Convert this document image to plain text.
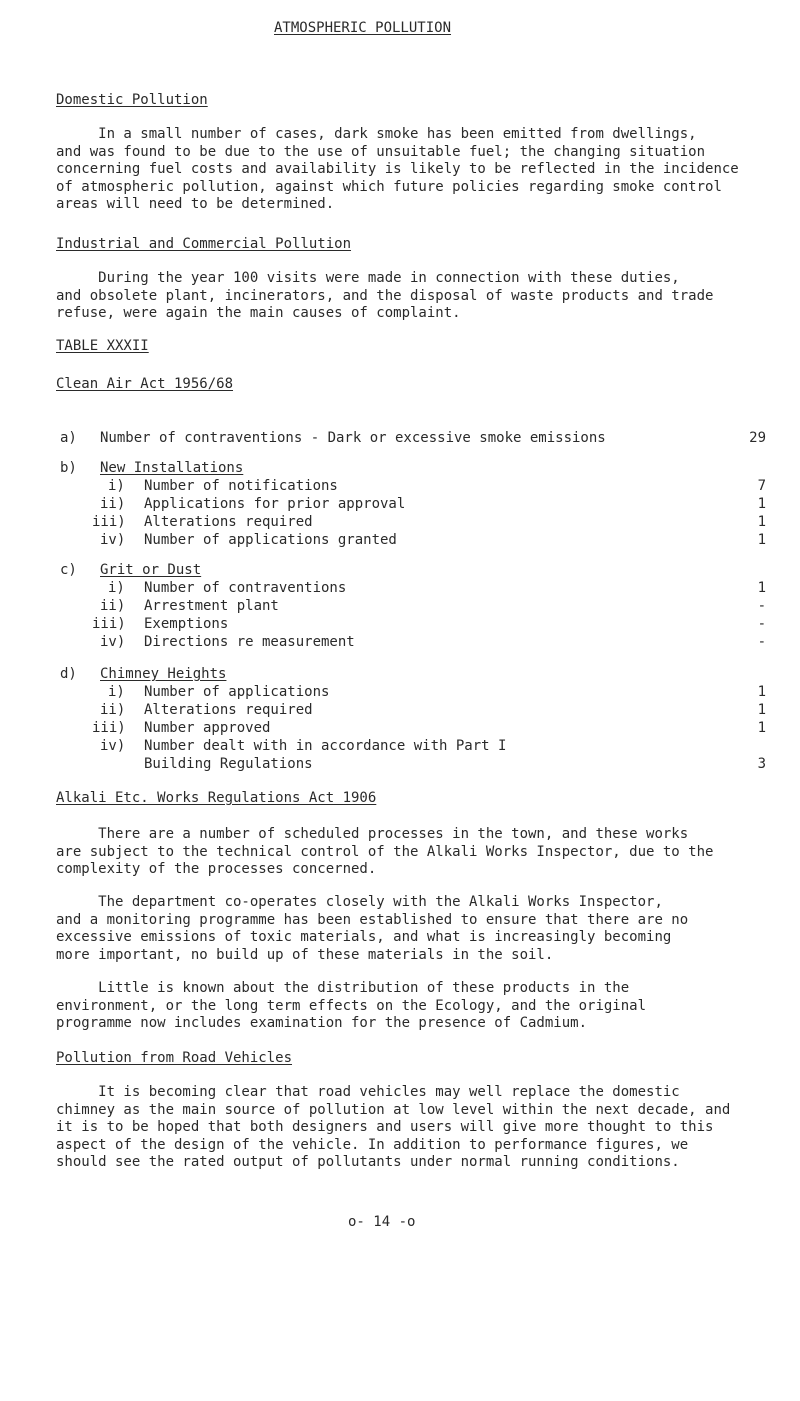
ATMOSPHERIC POLLUTION
Domestic Pollution

In a small number of cases, dark smoke has been emitted from dwellings,

and was found to be due to the use of unsuitable fuel; the changing situation

concerning fuel costs and availability is likely to be reflected in the incidence

of atmospheric pollution, against which future policies regarding smoke control

areas will need to be determined.

Industrial and Commercial Pollution

During the year 100 visits were made in connection with these duties,

and obsolete plant, incinerators, and the disposal of waste products and trade

refuse, were again the main causes of complaint.

TABLE XXXII
Clean Air Act 1956/68
a) Number of contraventions - Dark or excessive smoke emissions	29
b) New Installations
i) Number of notifications	7
ii) Applications for prior approval	1
iii) Alterations required	1
iv) Number of applications granted	1
c) Grit or Dust
i) Number of contraventions	1
ii) Arrestment plant	-
iii) Exemptions	-
iv) Directions re measurement	-
d) Chimney Heights
i) Number of applications	1
ii) Alterations required	1
iii) Number approved	1
iv) Number dealt with in accordance with Part I
Building Regulations	3
Alkali Etc. Works Regulations Act 1906

There are a number of scheduled processes in the town, and these works

are subject to the technical control of the Alkali Works Inspector, due to the

complexity of the processes concerned.

The department co-operates closely with the Alkali Works Inspector,

and a monitoring programme has been established to ensure that there are no

excessive emissions of toxic materials, and what is increasingly becoming

more important, no build up of these materials in the soil.

Little is known about the distribution of these products in the

environment, or the long term effects on the Ecology, and the original

programme now includes examination for the presence of Cadmium.

Pollution from Road Vehicles

It is becoming clear that road vehicles may well replace the domestic

chimney as the main source of pollution at low level within the next decade, and

it is to be hoped that both designers and users will give more thought to this

aspect of the design of the vehicle. In addition to performance figures, we

should see the rated output of pollutants under normal running conditions.

o- 14 -o
